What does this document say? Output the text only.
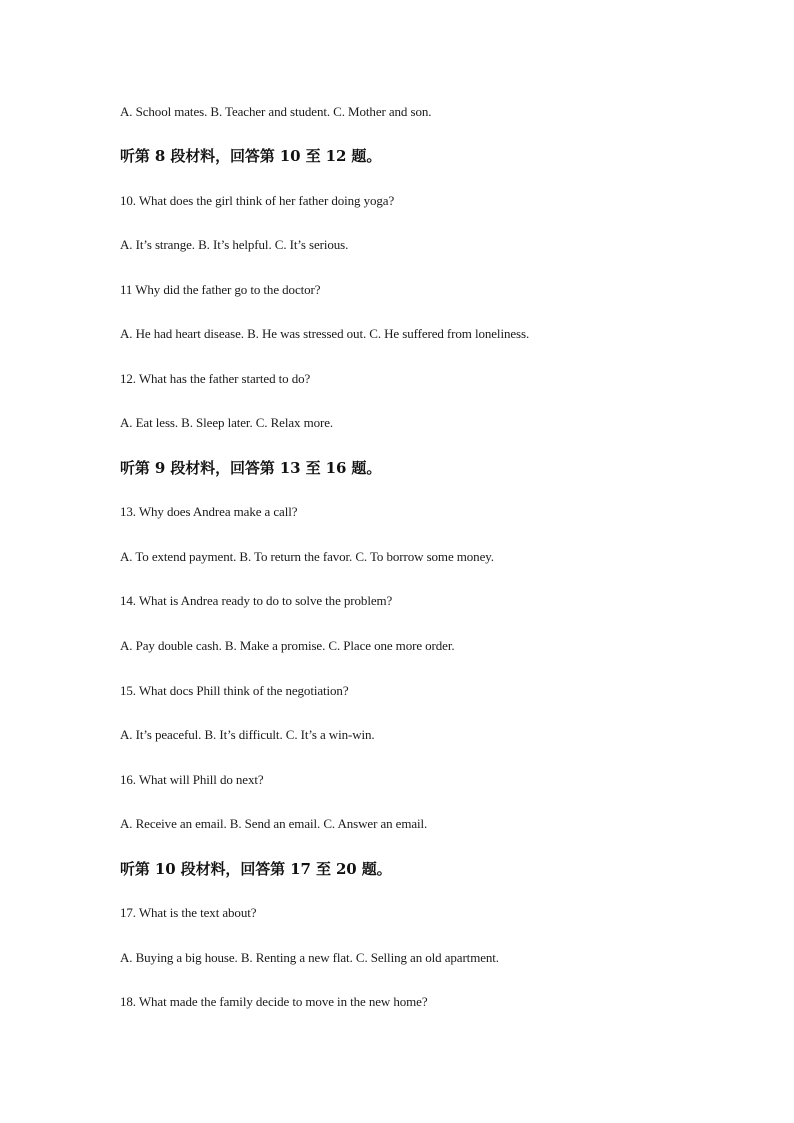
A. School mates. B. Teacher and student. C. Mother and son.
听第 8 段材料，回答第 10 至 12 题。
10. What does the girl think of her father doing yoga?
A. It’s strange. B. It’s helpful. C. It’s serious.
11 Why did the father go to the doctor?
A. He had heart disease. B. He was stressed out. C. He suffered from loneliness.
12. What has the father started to do?
A. Eat less. B. Sleep later. C. Relax more.
听第 9 段材料，回答第 13 至 16 题。
13. Why does Andrea make a call?
A. To extend payment. B. To return the favor. C. To borrow some money.
14. What is Andrea ready to do to solve the problem?
A. Pay double cash. B. Make a promise. C. Place one more order.
15. What docs Phill think of the negotiation?
A. It’s peaceful. B. It’s difficult. C. It’s a win-win.
16. What will Phill do next?
A. Receive an email. B. Send an email. C. Answer an email.
听第 10 段材料，回答第 17 至 20 题。
17. What is the text about?
A. Buying a big house. B. Renting a new flat. C. Selling an old apartment.
18. What made the family decide to move in the new home?
